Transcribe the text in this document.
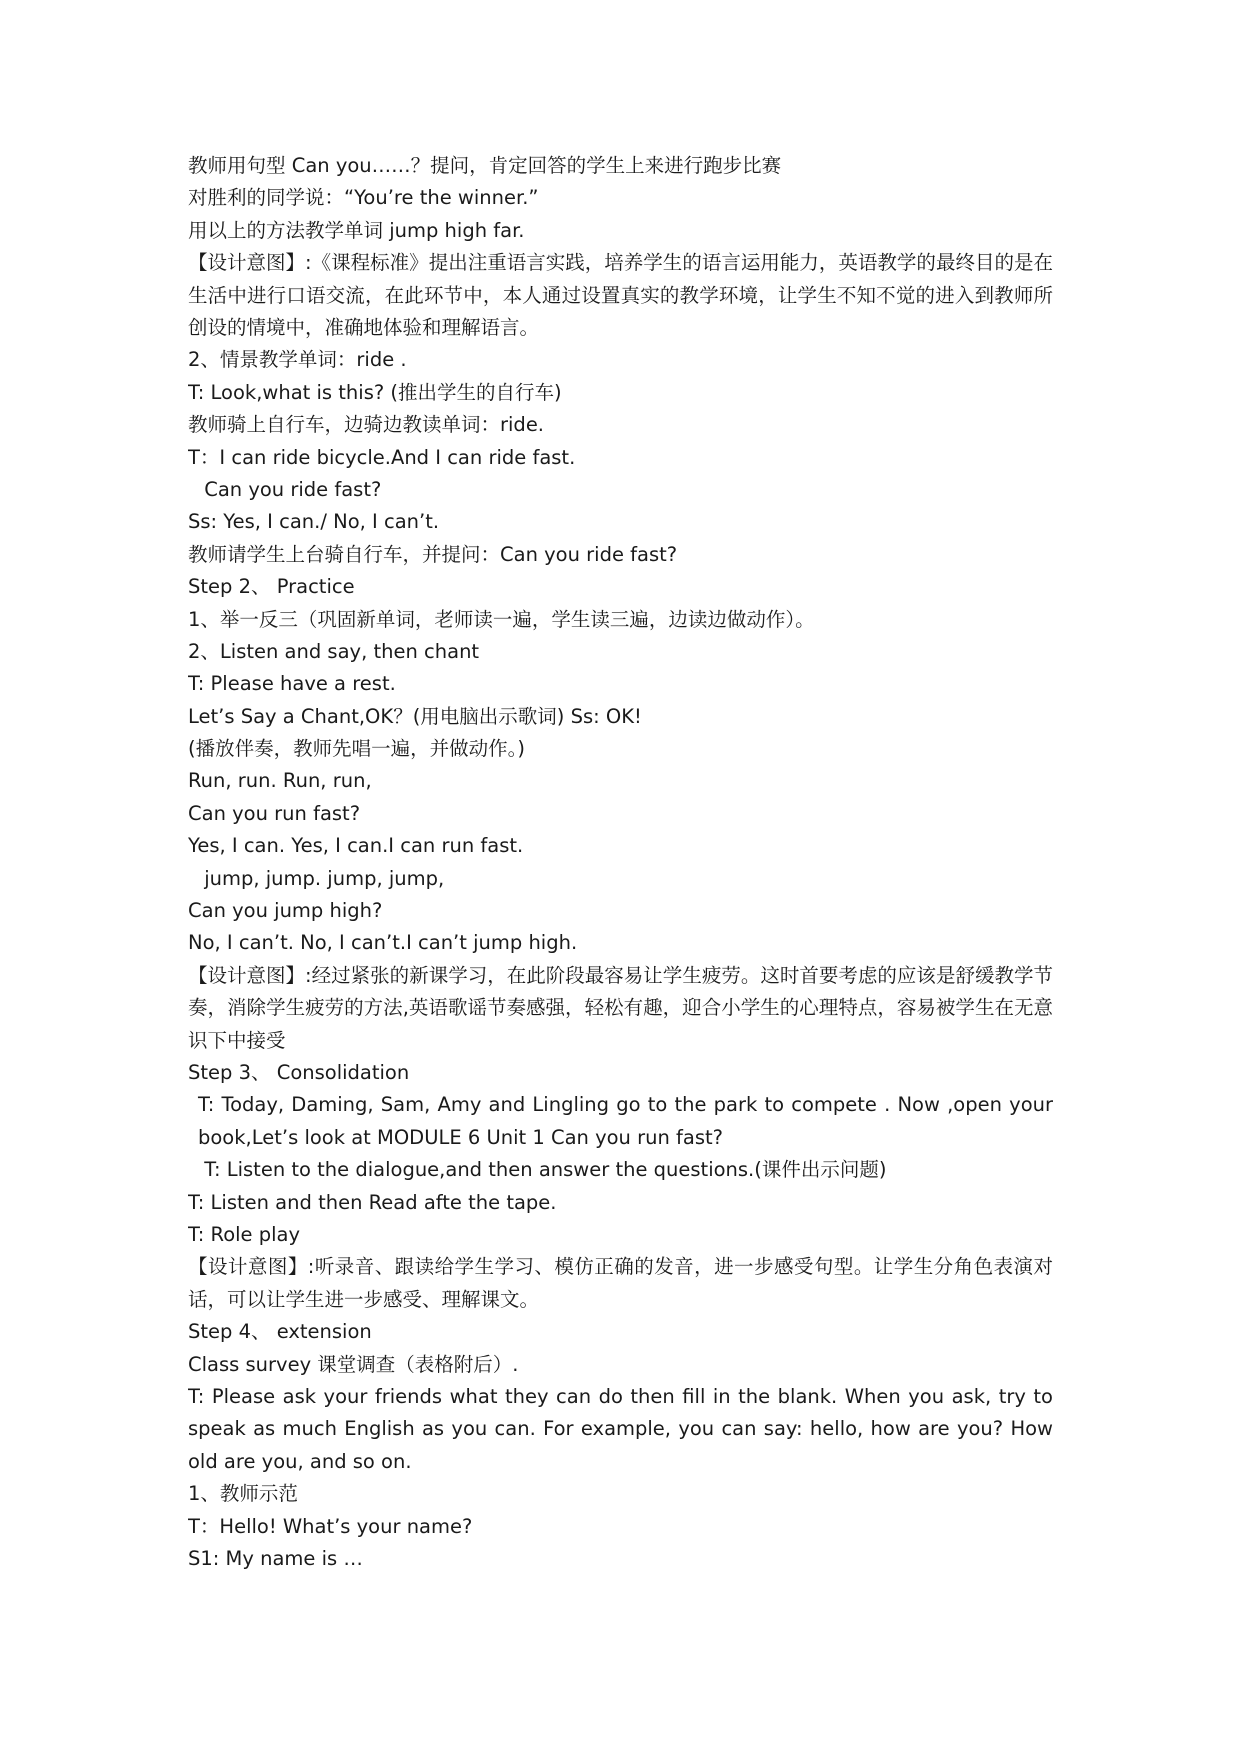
教师用句型 Can you……？提问，肯定回答的学生上来进行跑步比赛
对胜利的同学说：“You’re the winner.”
用以上的方法教学单词 jump high far.
【设计意图】:《课程标准》提出注重语言实践，培养学生的语言运用能力，英语教学的最终目的是在生活中进行口语交流，在此环节中，本人通过设置真实的教学环境，让学生不知不觉的进入到教师所创设的情境中，准确地体验和理解语言。
2、情景教学单词：ride .
T: Look,what is this? (推出学生的自行车)
教师骑上自行车，边骑边教读单词：ride.
T：I can ride bicycle.And I can ride fast.
Can you ride fast?
Ss: Yes, I can./ No, I can’t.
教师请学生上台骑自行车，并提问：Can you ride fast?
Step 2、 Practice
1、举一反三（巩固新单词，老师读一遍，学生读三遍，边读边做动作）。
2、Listen and say, then chant
T: Please have a rest.
Let’s Say a Chant,OK？(用电脑出示歌词) Ss: OK!
(播放伴奏，教师先唱一遍，并做动作。)
Run, run. Run, run,
Can you run fast?
Yes, I can. Yes, I can.I can run fast.
jump, jump. jump, jump,
Can you jump high?
No, I can’t. No, I can’t.I can’t jump high.
【设计意图】:经过紧张的新课学习，在此阶段最容易让学生疲劳。这时首要考虑的应该是舒缓教学节奏，消除学生疲劳的方法,英语歌谣节奏感强，轻松有趣，迎合小学生的心理特点，容易被学生在无意识下中接受
Step 3、 Consolidation
T: Today, Daming, Sam, Amy and Lingling go to the park to compete . Now ,open your book,Let’s look at MODULE 6 Unit 1 Can you run fast?
T: Listen to the dialogue,and then answer the questions.(课件出示问题)
T: Listen and then Read afte the tape.
T: Role play
【设计意图】:听录音、跟读给学生学习、模仿正确的发音，进一步感受句型。让学生分角色表演对话，可以让学生进一步感受、理解课文。
Step 4、 extension
Class survey 课堂调查（表格附后）.
T: Please ask your friends what they can do then fill in the blank. When you ask, try to speak as much English as you can. For example, you can say: hello, how are you? How old are you, and so on.
1、教师示范
T：Hello! What’s your name?
S1: My name is …
